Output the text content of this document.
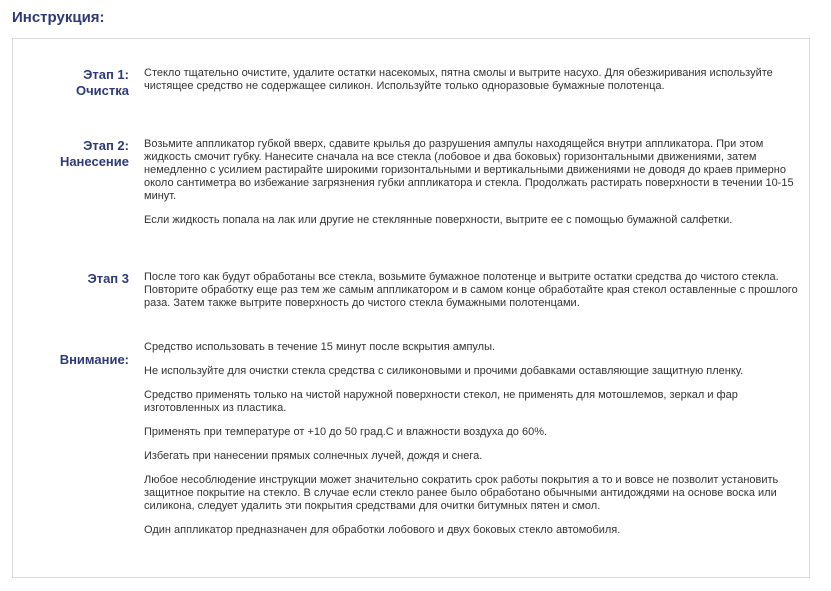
Инструкция:
Этап 1:
Очистка

Стекло тщательно очистите, удалите остатки насекомых, пятна смолы и вытрите насухо. Для обезжиривания используйте чистящее средство не содержащее силикон. Используйте только одноразовые бумажные полотенца.

Этап 2:
Нанесение

Возьмите аппликатор губкой вверх, сдавите крылья до разрушения ампулы находящейся внутри аппликатора. При этом жидкость смочит губку. Нанесите сначала на все стекла (лобовое и два боковых) горизонтальными движениями, затем немедленно с усилием растирайте широкими горизонтальными и вертикальными движениями не доводя до краев примерно около сантиметра во избежание загрязнения губки аппликатора и стекла. Продолжать растирать поверхности в течении 10-15 минут.

Если жидкость попала на лак или другие не стеклянные поверхности, вытрите ее с помощью бумажной салфетки.

Этап 3 После того как будут обработаны все стекла, возьмите бумажное полотенце и вытрите остатки средства до чистого стекла. Повторите обработку еще раз тем же самым аппликатором и в самом конце обработайте края стекол оставленные с прошлого раза. Затем также вытрите поверхность до чистого стекла бумажными полотенцами.

Внимание:

Средство использовать в течение 15 минут после вскрытия ампулы.

Не используйте для очистки стекла средства с силиконовыми и прочими добавками оставляющие защитную пленку.

Средство применять только на чистой наружной поверхности стекол, не применять для мотошлемов, зеркал и фар изготовленных из пластика.

Применять при температуре от +10 до 50 град.С и влажности воздуха до 60%.

Избегать при нанесении прямых солнечных лучей, дождя и снега.

Любое несоблюдение инструкции может значительно сократить срок работы покрытия а то и вовсе не позволит установить защитное покрытие на стекло. В случае если стекло ранее было обработано обычными антидождями на основе воска или силикона, следует удалить эти покрытия средствами для очитки битумных пятен и смол.

Один аппликатор предназначен для обработки лобового и двух боковых стекло автомобиля.
